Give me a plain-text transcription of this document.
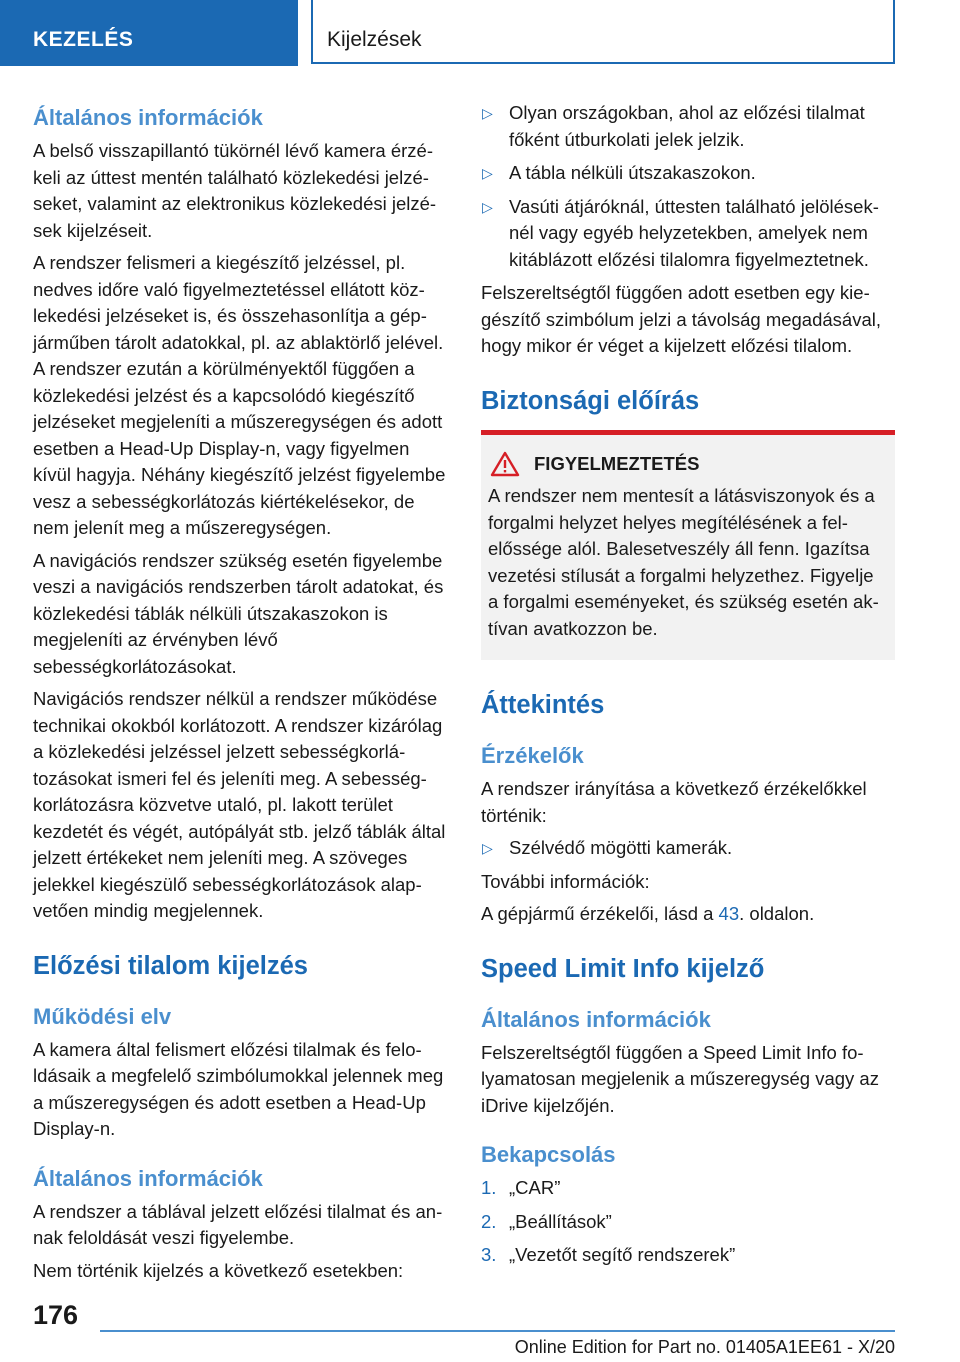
KEZELÉS	Kijelzések
Általános információk

A belső visszapillantó tükörnél lévő kamera érzékeli az úttest mentén található közlekedési jelzéseket, valamint az elektronikus közlekedési jelzések kijelzéseit.

A rendszer felismeri a kiegészítő jelzéssel, pl. nedves időre való figyelmeztetéssel ellátott közlekedési jelzéseket is, és összehasonlítja a gépjárműben tárolt adatokkal, pl. az ablaktörlő jelével. A rendszer ezután a körülményektől függően a közlekedési jelzést és a kapcsolódó kiegészítő jelzéseket megjeleníti a műszeregységen és adott esetben a Head-Up Display-n, vagy figyelmen kívül hagyja. Néhány kiegészítő jelzést figyelembe vesz a sebességkorlátozás kiértékelésekor, de nem jelenít meg a műszeregységen.

A navigációs rendszer szükség esetén figyelembe veszi a navigációs rendszerben tárolt adatokat, és közlekedési táblák nélküli útszakaszokon is megjeleníti az érvényben lévő sebességkorlátozásokat.

Navigációs rendszer nélkül a rendszer működése technikai okokból korlátozott. A rendszer kizárólag a közlekedési jelzéssel jelzett sebességkorlátozásokat ismeri fel és jeleníti meg. A sebességkorlátozásra közvetve utaló, pl. lakott terület kezdetét és végét, autópályát stb. jelző táblák által jelzett értékeket nem jeleníti meg. A szöveges jelekkel kiegészülő sebességkorlátozások alapvetően mindig megjelennek.

Előzési tilalom kijelzés
Működési elv

A kamera által felismert előzési tilalmak és feloldásaik a megfelelő szimbólumokkal jelennek meg a műszeregységen és adott esetben a Head-Up Display-n.

Általános információk

A rendszer a táblával jelzett előzési tilalmat és annak feloldását veszi figyelembe.

Nem történik kijelzés a következő esetekben:

▷ Olyan országokban, ahol az előzési tilalmat főként útburkolati jelek jelzik.
▷ A tábla nélküli útszakaszokon.
▷ Vasúti átjáróknál, úttesten található jelöléseknél vagy egyéb helyzetekben, amelyek nem kitáblázott előzési tilalomra figyelmeztetnek.

Felszereltségtől függően adott esetben egy kiegészítő szimbólum jelzi a távolság megadásával, hogy mikor ér véget a kijelzett előzési tilalom.

Biztonsági előírás
FIGYELMEZTETÉS

A rendszer nem mentesít a látásviszonyok és a forgalmi helyzet helyes megítélésének a felelőssége alól. Balesetveszély áll fenn. Igazítsa vezetési stílusát a forgalmi helyzethez. Figyelje a forgalmi eseményeket, és szükség esetén aktívan avatkozzon be.

Áttekintés
Érzékelők

A rendszer irányítása a következő érzékelőkkel történik:

▷ Szélvédő mögötti kamerák.

További információk:

A gépjármű érzékelői, lásd a 43. oldalon.

Speed Limit Info kijelző
Általános információk

Felszereltségtől függően a Speed Limit Info folyamatosan megjelenik a műszeregység vagy az iDrive kijelzőjén.

Bekapcsolás
1. „CAR”
2. „Beállítások”
3. „Vezetőt segítő rendszerek”
176
Online Edition for Part no. 01405A1EE61 - X/20
